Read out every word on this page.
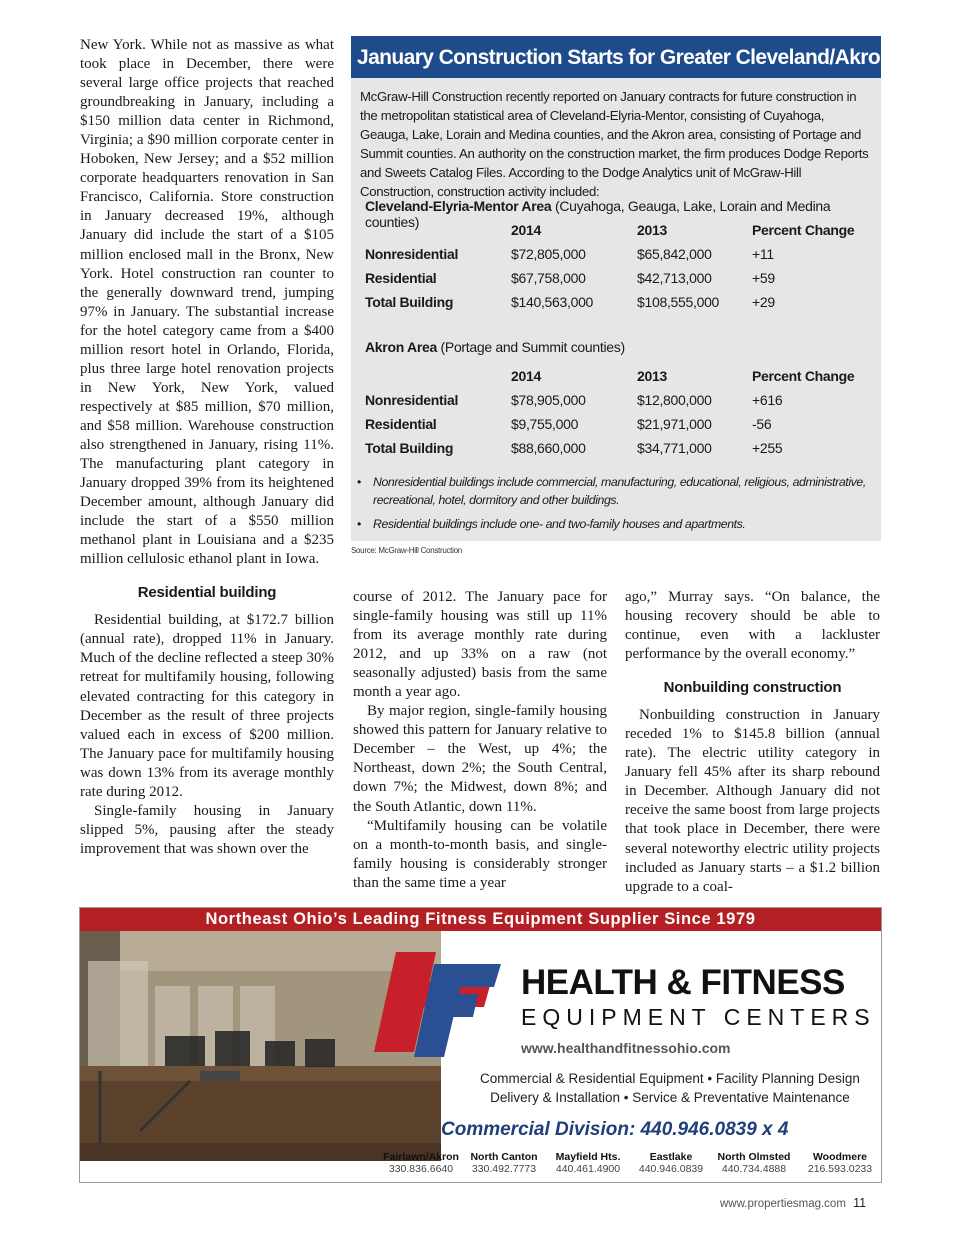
New York. While not as massive as what took place in December, there were several large office projects that reached groundbreaking in January, including a $150 million data center in Richmond, Virginia; a $90 million corporate center in Hoboken, New Jersey; and a $52 million corporate headquarters renovation in San Francisco, California. Store construction in January decreased 19%, although January did include the start of a $105 million enclosed mall in the Bronx, New York. Hotel construction ran counter to the generally downward trend, jumping 97% in January. The substantial increase for the hotel category came from a $400 million resort hotel in Orlando, Florida, plus three large hotel renovation projects in New York, New York, valued respectively at $85 million, $70 million, and $58 million. Warehouse construction also strengthened in January, rising 11%. The manufacturing plant category in January dropped 39% from its heightened December amount, although January did include the start of a $550 million methanol plant in Louisiana and a $235 million cellulosic ethanol plant in Iowa.

Residential building

Residential building, at $172.7 billion (annual rate), dropped 11% in January. Much of the decline reflected a steep 30% retreat for multifamily housing, following elevated contracting for this category in December as the result of three projects valued each in excess of $200 million. The January pace for multifamily housing was down 13% from its average monthly rate during 2012.

Single-family housing in January slipped 5%, pausing after the steady improvement that was shown over the

January Construction Starts for Greater Cleveland/Akron Areas
McGraw-Hill Construction recently reported on January contracts for future construction in the metropolitan statistical area of Cleveland-Elyria-Mentor, consisting of Cuyahoga, Geauga, Lake, Lorain and Medina counties, and the Akron area, consisting of Portage and Summit counties. An authority on the construction market, the firm produces Dodge Reports and Sweets Catalog Files. According to the Dodge Analytics unit of McGraw-Hill Construction, construction activity included:
Cleveland-Elyria-Mentor Area (Cuyahoga, Geauga, Lake, Lorain and Medina counties)	2014	2013	Percent Change
Nonresidential	$72,805,000	$65,842,000	+11
Residential	$67,758,000	$42,713,000	+59
Total Building	$140,563,000	$108,555,000 +29
Akron Area (Portage and Summit counties)
2014	2013	Percent Change
Nonresidential	$78,905,000	$12,800,000	+616
Residential	$9,755,000	$21,971,000	-56
Total Building	$88,660,000	$34,771,000	+255
• Nonresidential buildings include commercial, manufacturing, educational, religious, administrative, recreational, hotel, dormitory and other buildings.
• Residential buildings include one- and two-family houses and apartments.
Source: McGraw-Hill Construction

course of 2012. The January pace for single-family housing was still up 11% from its average monthly rate during 2012, and up 33% on a raw (not seasonally adjusted) basis from the same month a year ago.

By major region, single-family housing showed this pattern for January relative to December – the West, up 4%; the Northeast, down 2%; the South Central, down 7%; the Midwest, down 8%; and the South Atlantic, down 11%.

“Multifamily housing can be volatile on a month-to-month basis, and single-family housing is considerably stronger than the same time a year

ago,” Murray says. “On balance, the housing recovery should be able to continue, even with a lackluster performance by the overall economy.”

Nonbuilding construction

Nonbuilding construction in January receded 1% to $145.8 billion (annual rate). The electric utility category in January fell 45% after its sharp rebound in December. Although January did not receive the same boost from large projects that took place in December, there were several noteworthy electric utility projects included as January starts – a $1.2 billion upgrade to a coal-

Northeast Ohio’s Leading Fitness Equipment Supplier Since 1979
HEALTH & FITNESS
EQUIPMENT CENTERS
www.healthandfitnessohio.com
Commercial & Residential Equipment • Facility Planning Design
Delivery & Installation • Service & Preventative Maintenance
Commercial Division: 440.946.0839 x 4
Fairlawn/Akron
330.836.6640
North Canton
330.492.7773
Mayfield Hts.
440.461.4900
Eastlake
440.946.0839
North Olmsted
440.734.4888
Woodmere
216.593.0233
www.propertiesmag.com 11
